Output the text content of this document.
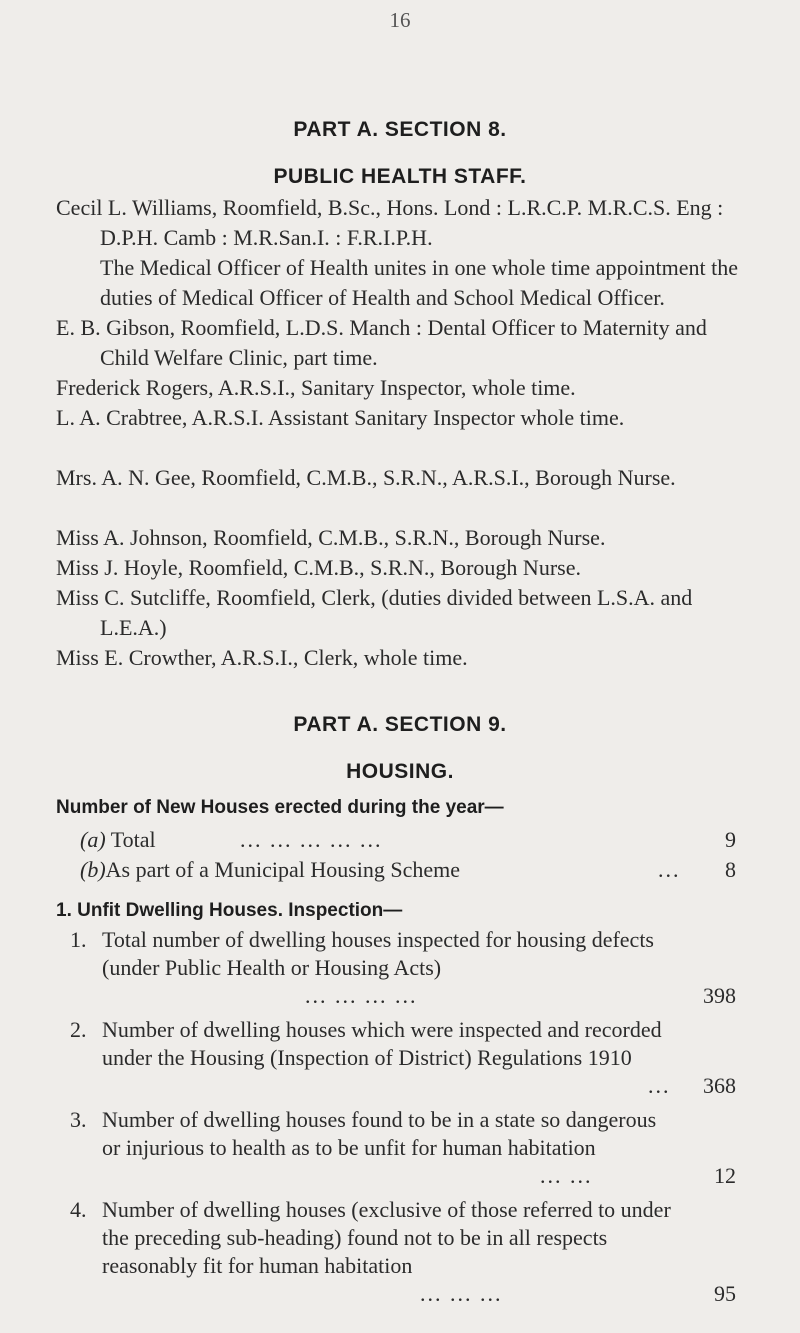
16
PART A. SECTION 8.
PUBLIC HEALTH STAFF.

Cecil L. Williams, Roomfield, B.Sc., Hons. Lond : L.R.C.P. M.R.C.S. Eng : D.P.H. Camb : M.R.San.I. : F.R.I.P.H.

The Medical Officer of Health unites in one whole time appointment the duties of Medical Officer of Health and School Medical Officer.

E. B. Gibson, Roomfield, L.D.S. Manch : Dental Officer to Maternity and Child Welfare Clinic, part time.

Frederick Rogers, A.R.S.I., Sanitary Inspector, whole time.

L. A. Crabtree, A.R.S.I. Assistant Sanitary Inspector whole time.

Mrs. A. N. Gee, Roomfield, C.M.B., S.R.N., A.R.S.I., Borough Nurse.

Miss A. Johnson, Roomfield, C.M.B., S.R.N., Borough Nurse.

Miss J. Hoyle, Roomfield, C.M.B., S.R.N., Borough Nurse.

Miss C. Sutcliffe, Roomfield, Clerk, (duties divided between L.S.A. and L.E.A.)

Miss E. Crowther, A.R.S.I., Clerk, whole time.

PART A. SECTION 9.
HOUSING.
Number of New Houses erected during the year—
(a) Total	... ... ... ... ...	9
(b)As part of a Municipal Housing Scheme	... 8
1. Unfit Dwelling Houses. Inspection—
1. Total number of dwelling houses inspected for housing defects (under Public Health or Housing Acts)
... ... ... ...	398
2. Number of dwelling houses which were inspected and recorded under the Housing (Inspection of District) Regulations 1910
... 368
3. Number of dwelling houses found to be in a state so dangerous or injurious to health as to be unfit for human habitation
... ...	12
4. Number of dwelling houses (exclusive of those referred to under the preceding sub-heading) found not to be in all respects reasonably fit for human habitation
... ... ...	95
